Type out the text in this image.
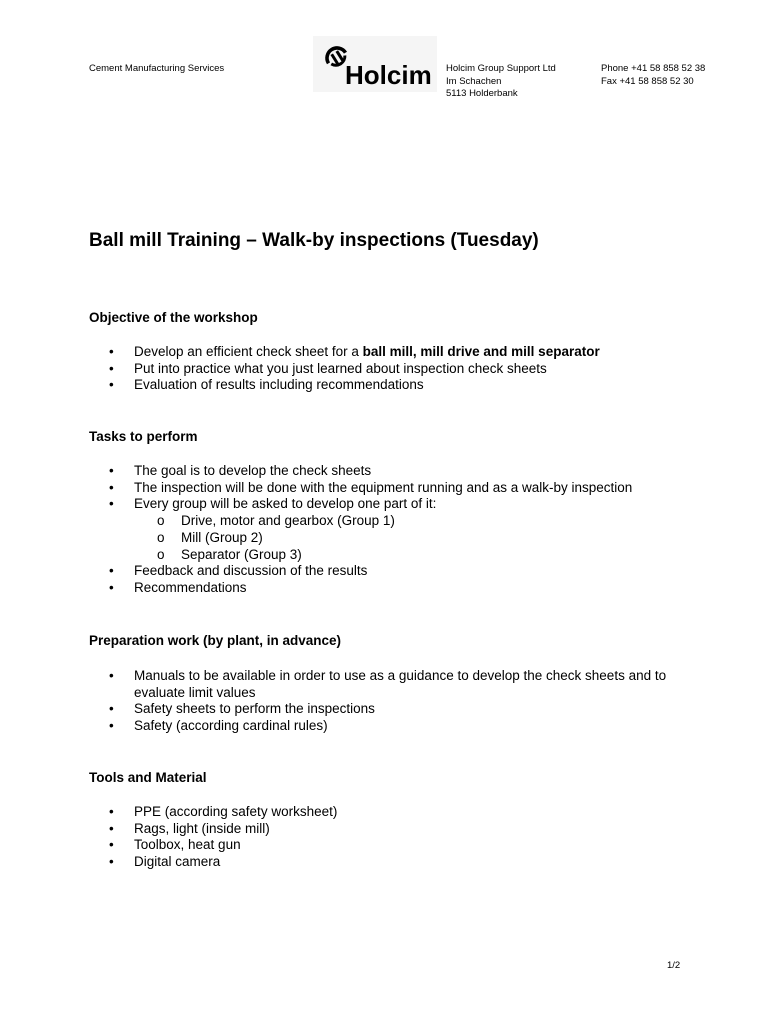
Cement Manufacturing Services	Holcim Holcim Group Support Ltd
Im Schachen
5113 Holderbank
Phone +41 58 858 52 38
Fax +41 58 858 52 30
Ball mill Training – Walk-by inspections (Tuesday)
Objective of the workshop
• Develop an efficient check sheet for a ball mill, mill drive and mill separator
• Put into practice what you just learned about inspection check sheets
• Evaluation of results including recommendations
Tasks to perform
• The goal is to develop the check sheets
• The inspection will be done with the equipment running and as a walk-by inspection
• Every group will be asked to develop one part of it:
o Drive, motor and gearbox (Group 1)
o Mill (Group 2)
o Separator (Group 3)
• Feedback and discussion of the results
• Recommendations
Preparation work (by plant, in advance)
• Manuals to be available in order to use as a guidance to develop the check sheets and to evaluate limit values
• Safety sheets to perform the inspections
• Safety (according cardinal rules)
Tools and Material
• PPE (according safety worksheet)
• Rags, light (inside mill)
• Toolbox, heat gun
• Digital camera
1/2
